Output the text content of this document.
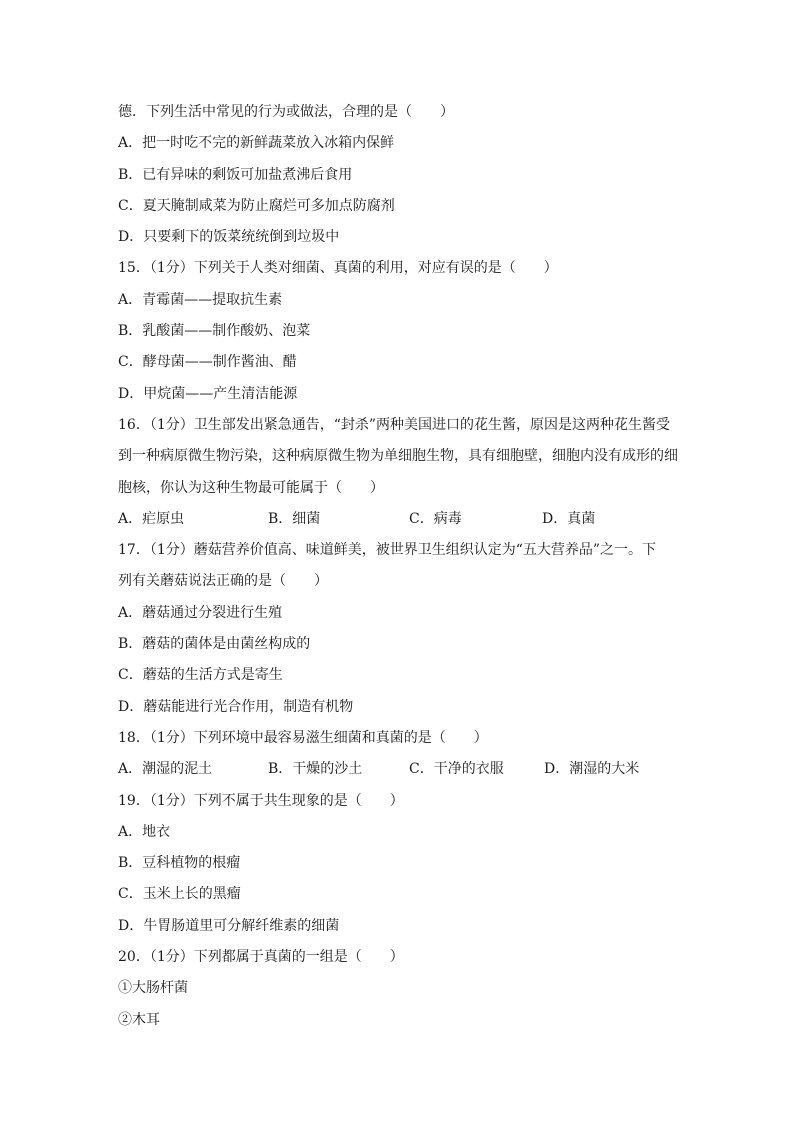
德．下列生活中常见的行为或做法，合理的是（　　）
A．把一时吃不完的新鲜蔬菜放入冰箱内保鲜
B．已有异味的剩饭可加盐煮沸后食用
C．夏天腌制咸菜为防止腐烂可多加点防腐剂
D．只要剩下的饭菜统统倒到垃圾中
15．（1分）下列关于人类对细菌、真菌的利用，对应有误的是（　　）
A．青霉菌——提取抗生素
B．乳酸菌——制作酸奶、泡菜
C．酵母菌——制作酱油、醋
D．甲烷菌——产生清洁能源
16．（1分）卫生部发出紧急通告，“封杀”两种美国进口的花生酱，原因是这两种花生酱受
到一种病原微生物污染，这种病原微生物为单细胞生物，具有细胞壁，细胞内没有成形的细
胞核，你认为这种生物最可能属于（　　）
A．疟原虫	B．细菌	C．病毒	D．真菌
17．（1分）蘑菇营养价值高、味道鲜美，被世界卫生组织认定为“五大营养品”之一。下
列有关蘑菇说法正确的是（　　）
A．蘑菇通过分裂进行生殖
B．蘑菇的菌体是由菌丝构成的
C．蘑菇的生活方式是寄生
D．蘑菇能进行光合作用，制造有机物
18．（1分）下列环境中最容易滋生细菌和真菌的是（　　）
A．潮湿的泥土	B．干燥的沙土	C．干净的衣服	D．潮湿的大米
19．（1分）下列不属于共生现象的是（　　）
A．地衣
B．豆科植物的根瘤
C．玉米上长的黑瘤
D．牛胃肠道里可分解纤维素的细菌
20．（1分）下列都属于真菌的一组是（　　）
①大肠杆菌
②木耳
